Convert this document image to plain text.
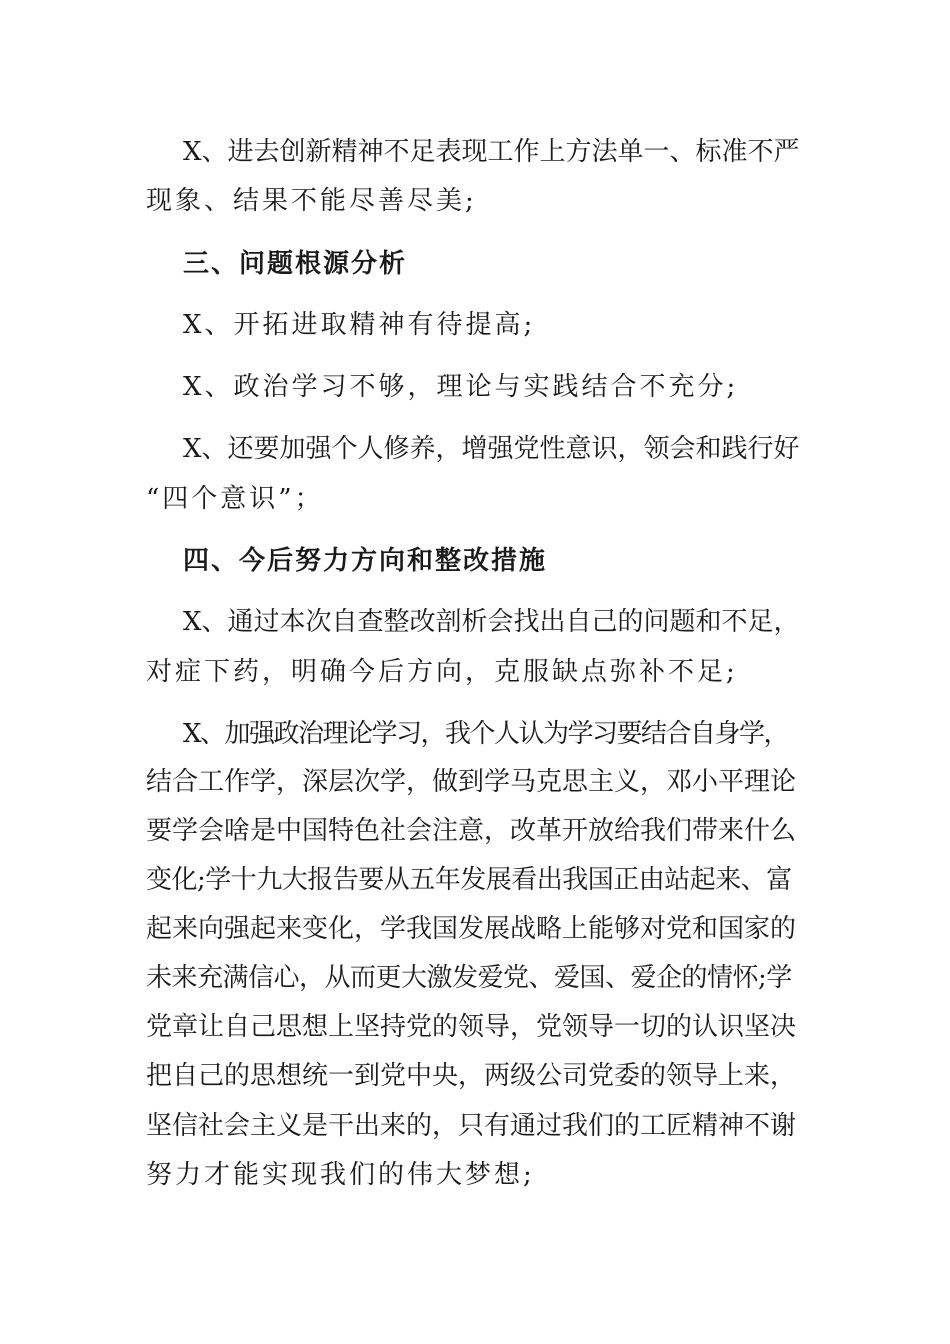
X、进去创新精神不足表现工作上方法单一、标准不严

现象、结果不能尽善尽美;

三、问题根源分析

X、开拓进取精神有待提高;

X、政治学习不够，理论与实践结合不充分;

X、还要加强个人修养，增强党性意识，领会和践行好

“四个意识”；

四、今后努力方向和整改措施

X、通过本次自查整改剖析会找出自己的问题和不足，

对症下药，明确今后方向，克服缺点弥补不足;

X、加强政治理论学习，我个人认为学习要结合自身学，

结合工作学，深层次学，做到学马克思主义，邓小平理论

要学会啥是中国特色社会注意，改革开放给我们带来什么

变化;学十九大报告要从五年发展看出我国正由站起来、富

起来向强起来变化，学我国发展战略上能够对党和国家的

未来充满信心，从而更大激发爱党、爱国、爱企的情怀;学

党章让自己思想上坚持党的领导，党领导一切的认识坚决

把自己的思想统一到党中央，两级公司党委的领导上来，

坚信社会主义是干出来的，只有通过我们的工匠精神不谢

努力才能实现我们的伟大梦想;
